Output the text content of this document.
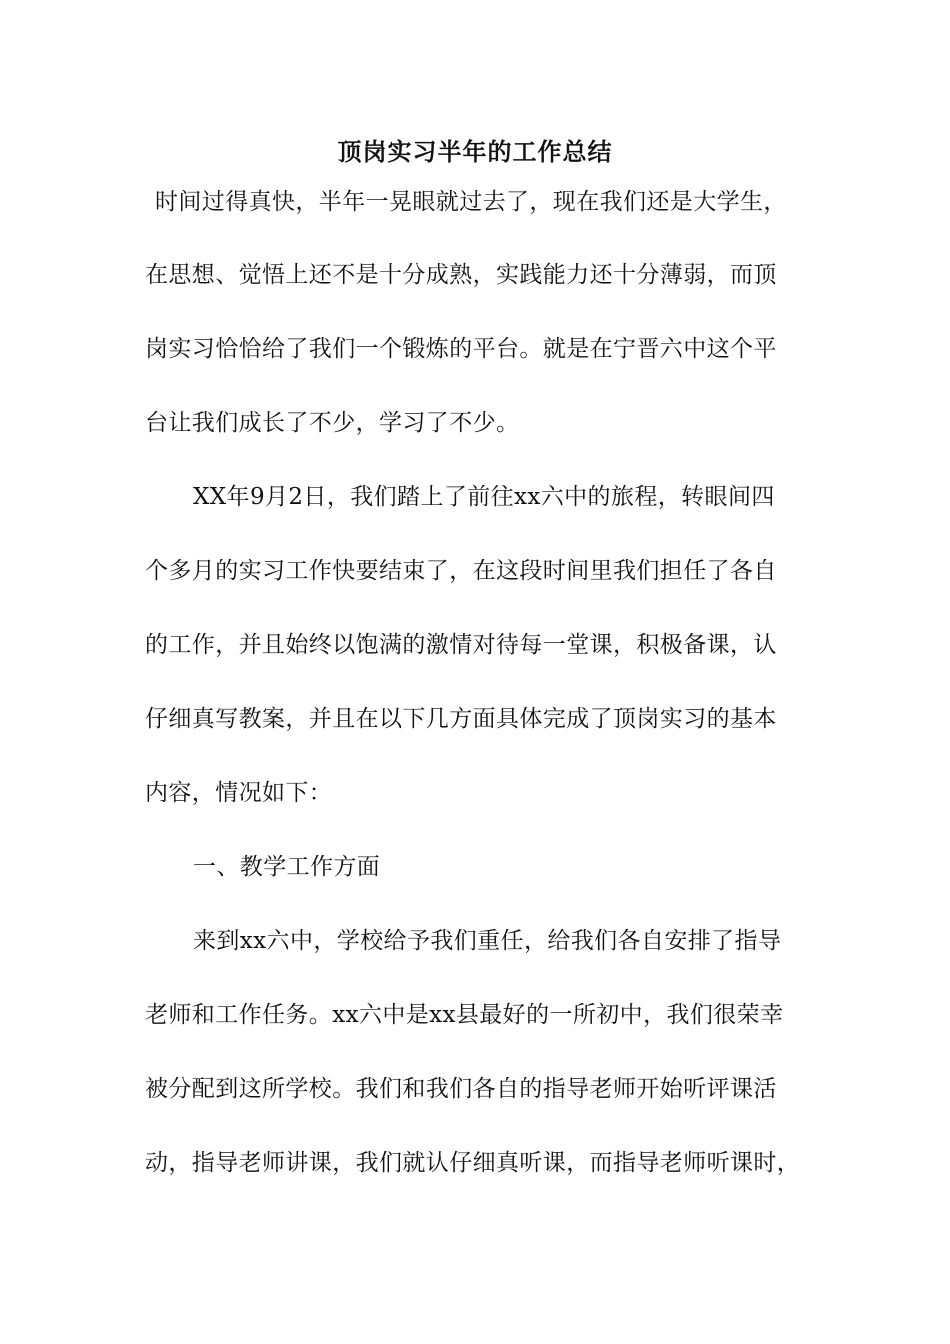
顶岗实习半年的工作总结
时间过得真快，半年一晃眼就过去了，现在我们还是大学生，
在思想、觉悟上还不是十分成熟，实践能力还十分薄弱，而顶
岗实习恰恰给了我们一个锻炼的平台。就是在宁晋六中这个平
台让我们成长了不少，学习了不少。
XX年9月2日，我们踏上了前往xx六中的旅程，转眼间四
个多月的实习工作快要结束了，在这段时间里我们担任了各自
的工作，并且始终以饱满的激情对待每一堂课，积极备课，认
仔细真写教案，并且在以下几方面具体完成了顶岗实习的基本
内容，情况如下：
一、教学工作方面
来到xx六中，学校给予我们重任，给我们各自安排了指导
老师和工作任务。xx六中是xx县最好的一所初中，我们很荣幸
被分配到这所学校。我们和我们各自的指导老师开始听评课活
动，指导老师讲课，我们就认仔细真听课，而指导老师听课时，
